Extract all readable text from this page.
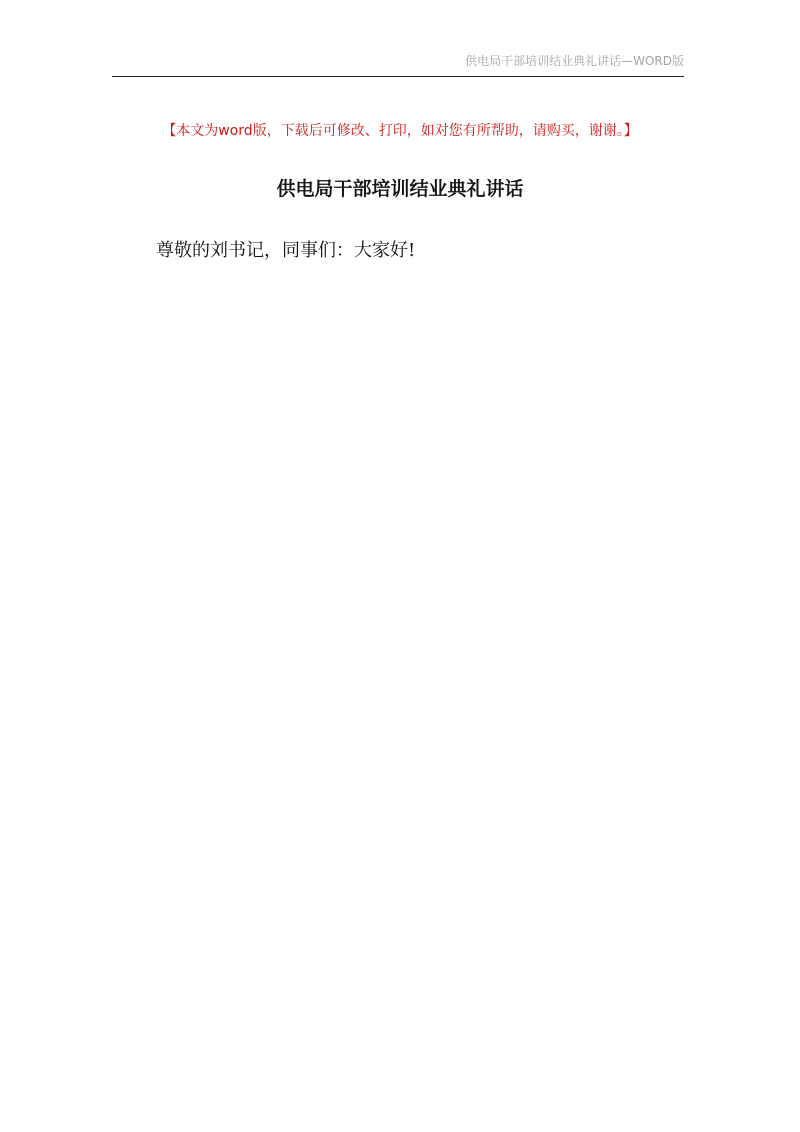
供电局干部培训结业典礼讲话—WORD版
【本文为word版，下载后可修改、打印，如对您有所帮助，请购买，谢谢。】
供电局干部培训结业典礼讲话
尊敬的刘书记，同事们：大家好!
